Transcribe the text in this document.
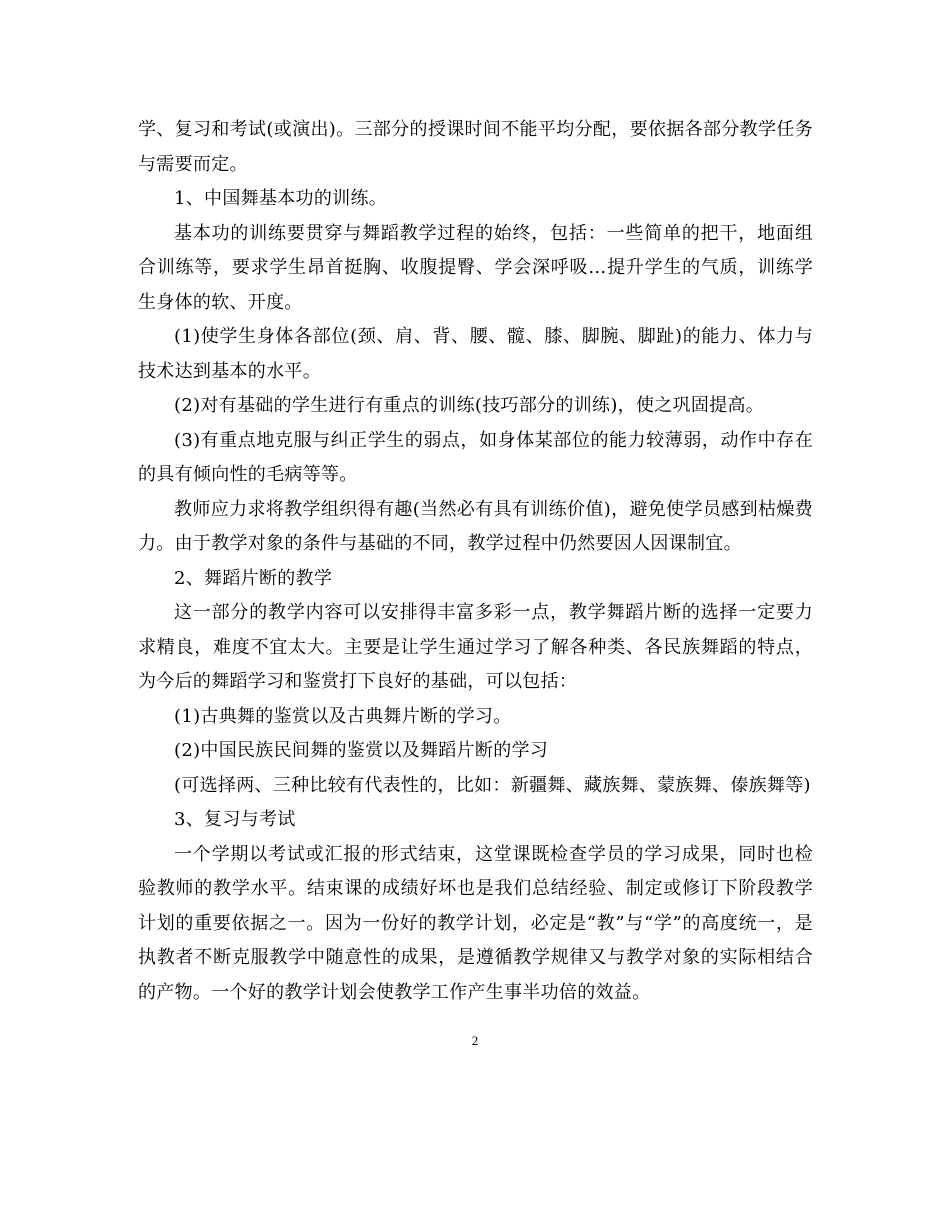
学、复习和考试(或演出)。三部分的授课时间不能平均分配，要依据各部分教学任务与需要而定。

1、中国舞基本功的训练。

基本功的训练要贯穿与舞蹈教学过程的始终，包括：一些简单的把干，地面组合训练等，要求学生昂首挺胸、收腹提臀、学会深呼吸…提升学生的气质，训练学生身体的软、开度。

(1)使学生身体各部位(颈、肩、背、腰、髋、膝、脚腕、脚趾)的能力、体力与技术达到基本的水平。

(2)对有基础的学生进行有重点的训练(技巧部分的训练)，使之巩固提高。

(3)有重点地克服与纠正学生的弱点，如身体某部位的能力较薄弱，动作中存在的具有倾向性的毛病等等。

教师应力求将教学组织得有趣(当然必有具有训练价值)，避免使学员感到枯燥费力。由于教学对象的条件与基础的不同，教学过程中仍然要因人因课制宜。

2、舞蹈片断的教学

这一部分的教学内容可以安排得丰富多彩一点，教学舞蹈片断的选择一定要力求精良，难度不宜太大。主要是让学生通过学习了解各种类、各民族舞蹈的特点，为今后的舞蹈学习和鉴赏打下良好的基础，可以包括：

(1)古典舞的鉴赏以及古典舞片断的学习。

(2)中国民族民间舞的鉴赏以及舞蹈片断的学习

(可选择两、三种比较有代表性的，比如：新疆舞、藏族舞、蒙族舞、傣族舞等)

3、复习与考试

一个学期以考试或汇报的形式结束，这堂课既检查学员的学习成果，同时也检验教师的教学水平。结束课的成绩好坏也是我们总结经验、制定或修订下阶段教学计划的重要依据之一。因为一份好的教学计划，必定是“教”与“学”的高度统一，是执教者不断克服教学中随意性的成果，是遵循教学规律又与教学对象的实际相结合的产物。一个好的教学计划会使教学工作产生事半功倍的效益。

2
